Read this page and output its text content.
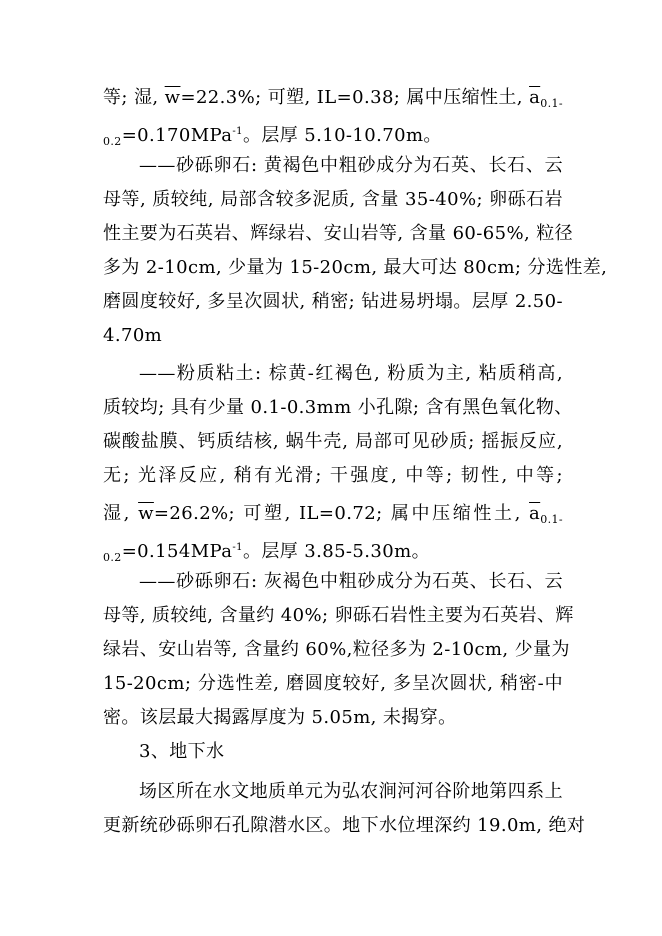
等; 湿, $\overline{w}=22.3\%$; 可塑, IL=0.38; 属中压缩性土, $\overline{a}_{0.1-}$
$_{0.2}$=0.170MPa$^{-1}$。层厚 5.10-10.70m。
——砂砾卵石: 黄褐色中粗砂成分为石英、长石、云
母等, 质较纯, 局部含较多泥质, 含量 35-40%; 卵砾石岩
性主要为石英岩、辉绿岩、安山岩等, 含量 60-65%, 粒径
多为 2-10cm, 少量为 15-20cm, 最大可达 80cm; 分选性差,
磨圆度较好, 多呈次圆状, 稍密; 钻进易坍塌。层厚 2.50-
4.70m
——粉质粘土: 棕黄-红褐色, 粉质为主, 粘质稍高,
质较均; 具有少量 0.1-0.3mm 小孔隙; 含有黑色氧化物、
碳酸盐膜、钙质结核, 蜗牛壳, 局部可见砂质; 摇振反应,
无; 光泽反应, 稍有光滑; 干强度, 中等; 韧性, 中等;
湿, $\overline{w}=26.2\%$; 可塑, IL=0.72; 属中压缩性土, $\overline{a}_{0.1-}$
$_{0.2}$=0.154MPa$^{-1}$。层厚 3.85-5.30m。
——砂砾卵石: 灰褐色中粗砂成分为石英、长石、云
母等, 质较纯, 含量约 40%; 卵砾石岩性主要为石英岩、辉
绿岩、安山岩等, 含量约 60%,粒径多为 2-10cm, 少量为
15-20cm; 分选性差, 磨圆度较好, 多呈次圆状, 稍密-中
密。该层最大揭露厚度为 5.05m, 未揭穿。
3、地下水
场区所在水文地质单元为弘农涧河河谷阶地第四系上
更新统砂砾卵石孔隙潜水区。地下水位埋深约 19.0m, 绝对
